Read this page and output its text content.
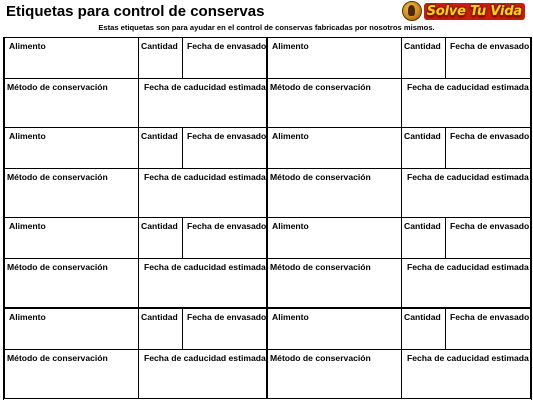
Etiquetas para control de conservas	Solve Tu Vida
Estas etiquetas son para ayudar en el control de conservas fabricadas por nosotros mismos.
Alimento	Cantidad Fecha de envasado
Método de conservación	Fecha de caducidad estimada
Alimento	Cantidad Fecha de envasado
Método de conservación	Fecha de caducidad estimada
Alimento	Cantidad Fecha de envasado
Método de conservación	Fecha de caducidad estimada
Alimento	Cantidad Fecha de envasado
Método de conservación	Fecha de caducidad estimada
Alimento	Cantidad Fecha de envasado
Método de conservación	Fecha de caducidad estimada
Alimento	Cantidad Fecha de envasado
Método de conservación	Fecha de caducidad estimada
Alimento	Cantidad Fecha de envasado
Método de conservación	Fecha de caducidad estimada
Alimento	Cantidad Fecha de envasado
Método de conservación	Fecha de caducidad estimada
